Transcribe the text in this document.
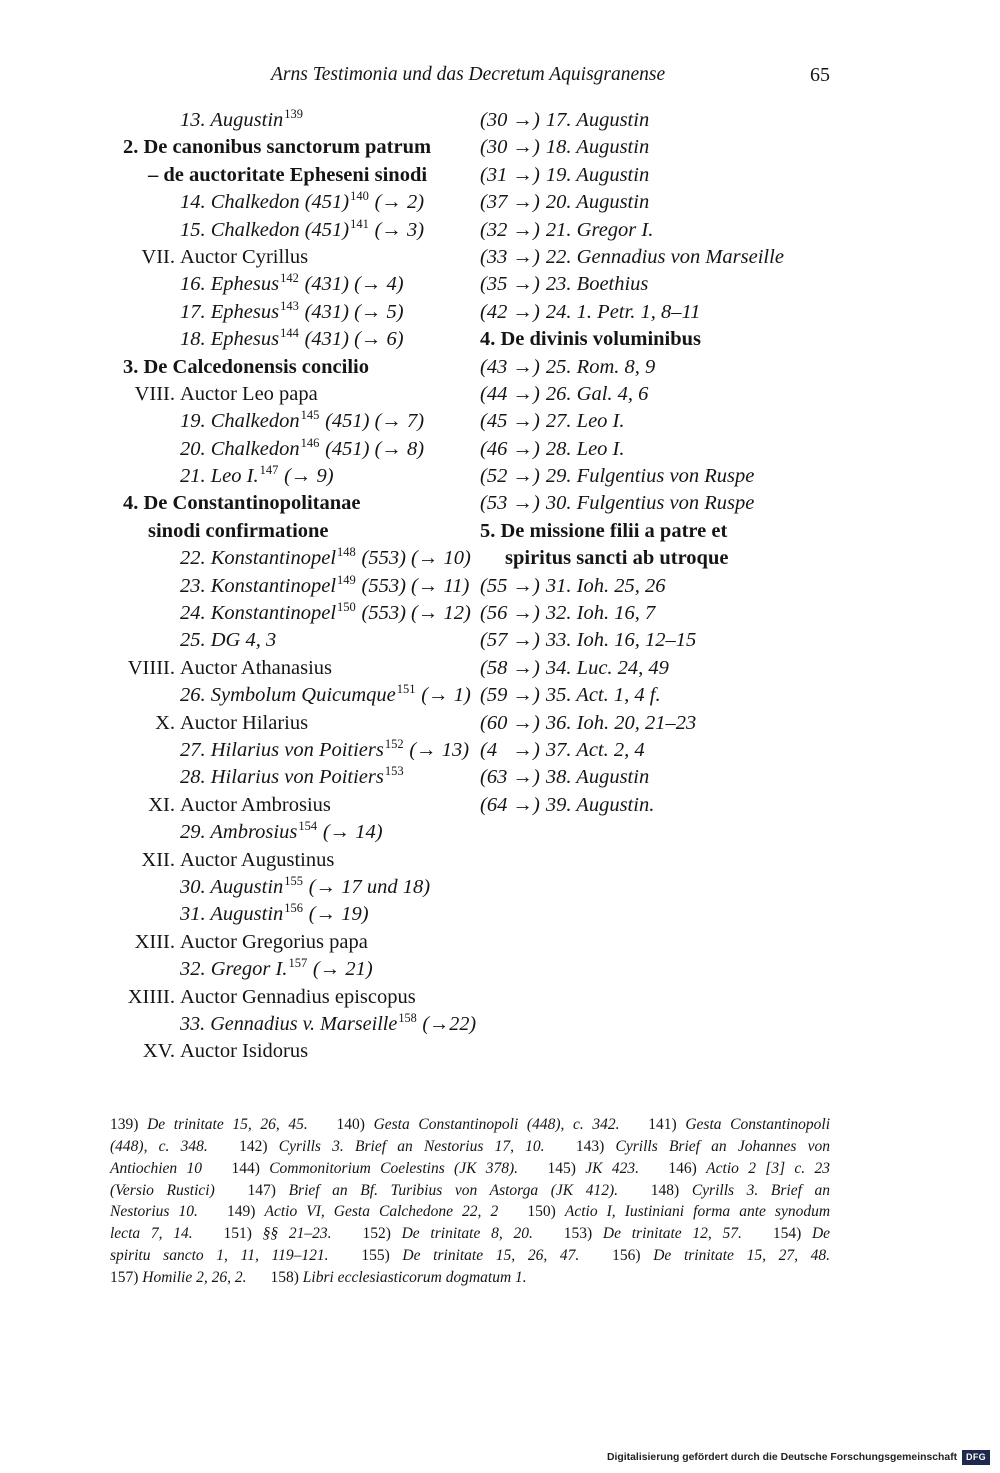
Arns Testimonia und das Decretum Aquisgranense	65
13. Augustin$^{139}$
2. De canonibus sanctorum patrum
– de auctoritate Epheseni sinodi
14. Chalkedon $(451)^{140}$ (→ 2)
15. Chalkedon $(451)^{141}$ (→ 3)
VII. Auctor Cyrillus
16. Ephesus$^{142}$ (431) (→ 4)
17. Ephesus$^{143}$ (431) (→ 5)
18. Ephesus$^{144}$ (431) (→ 6)
3. De Calcedonensis concilio
VIII. Auctor Leo papa
19. Chalkedon$^{145}$ (451) (→ 7)
20. Chalkedon$^{146}$ (451) (→ 8)
21. Leo I.$^{147}$ (→ 9)
4. De Constantinopolitanae
sinodi confirmatione
22. Konstantinopel$^{148}$ (553) (→ 10)
23. Konstantinopel$^{149}$ (553) (→ 11)
24. Konstantinopel$^{150}$ (553) (→ 12)
25. DG 4, 3
VIIII. Auctor Athanasius
26. Symbolum Quicumque$^{151}$ (→ 1)
X. Auctor Hilarius
27. Hilarius von Poitiers$^{152}$ (→ 13)
28. Hilarius von Poitiers$^{153}$
XI. Auctor Ambrosius
29. Ambrosius$^{154}$ (→ 14)
XII. Auctor Augustinus
30. Augustin$^{155}$ (→ 17 und 18)
31. Augustin$^{156}$ (→ 19)
XIII. Auctor Gregorius papa
32. Gregor I.$^{157}$ (→ 21)
XIIII. Auctor Gennadius episcopus
33. Gennadius v. Marseille$^{158}$ (→22)
XV. Auctor Isidorus
(30 →) 17. Augustin
(30 →) 18. Augustin
(31 →) 19. Augustin
(37 →) 20. Augustin
(32 →) 21. Gregor I.
(33 →) 22. Gennadius von Marseille
(35 →) 23. Boethius
(42 →) 24. 1. Petr. 1, 8–11
4. De divinis voluminibus
(43 →) 25. Rom. 8, 9
(44 →) 26. Gal. 4, 6
(45 →) 27. Leo I.
(46 →) 28. Leo I.
(52 →) 29. Fulgentius von Ruspe
(53 →) 30. Fulgentius von Ruspe
5. De missione filii a patre et
spiritus sancti ab utroque
(55 →) 31. Ioh. 25, 26
(56 →) 32. Ioh. 16, 7
(57 →) 33. Ioh. 16, 12–15
(58 →) 34. Luc. 24, 49
(59 →) 35. Act. 1, 4 f.
(60 →) 36. Ioh. 20, 21–23
(4   →) 37. Act. 2, 4
(63 →) 38. Augustin
(64 →) 39. Augustin.
139) De trinitate 15, 26, 45. 140) Gesta Constantinopoli (448), c. 342. 141) Gesta Constantinopoli
(448), c. 348. 142) Cyrills 3. Brief an Nestorius 17, 10. 143) Cyrills Brief an Johannes von
Antiochien 10 144) Commonitorium Coelestins (JK 378). 145) JK 423. 146) Actio 2 [3] c. 23
(Versio Rustici) 147) Brief an Bf. Turibius von Astorga (JK 412). 148) Cyrills 3. Brief an
Nestorius 10. 149) Actio VI, Gesta Calchedone 22, 2 150) Actio I, Iustiniani forma ante synodum
lecta 7, 14. 151) §§ 21–23. 152) De trinitate 8, 20. 153) De trinitate 12, 57. 154) De
spiritu sancto 1, 11, 119–121. 155) De trinitate 15, 26, 47. 156) De trinitate 15, 27, 48.
157) Homilie 2, 26, 2. 158) Libri ecclesiasticorum dogmatum 1.
Digitalisierung gefördert durch die Deutsche Forschungsgemeinschaft DFG
